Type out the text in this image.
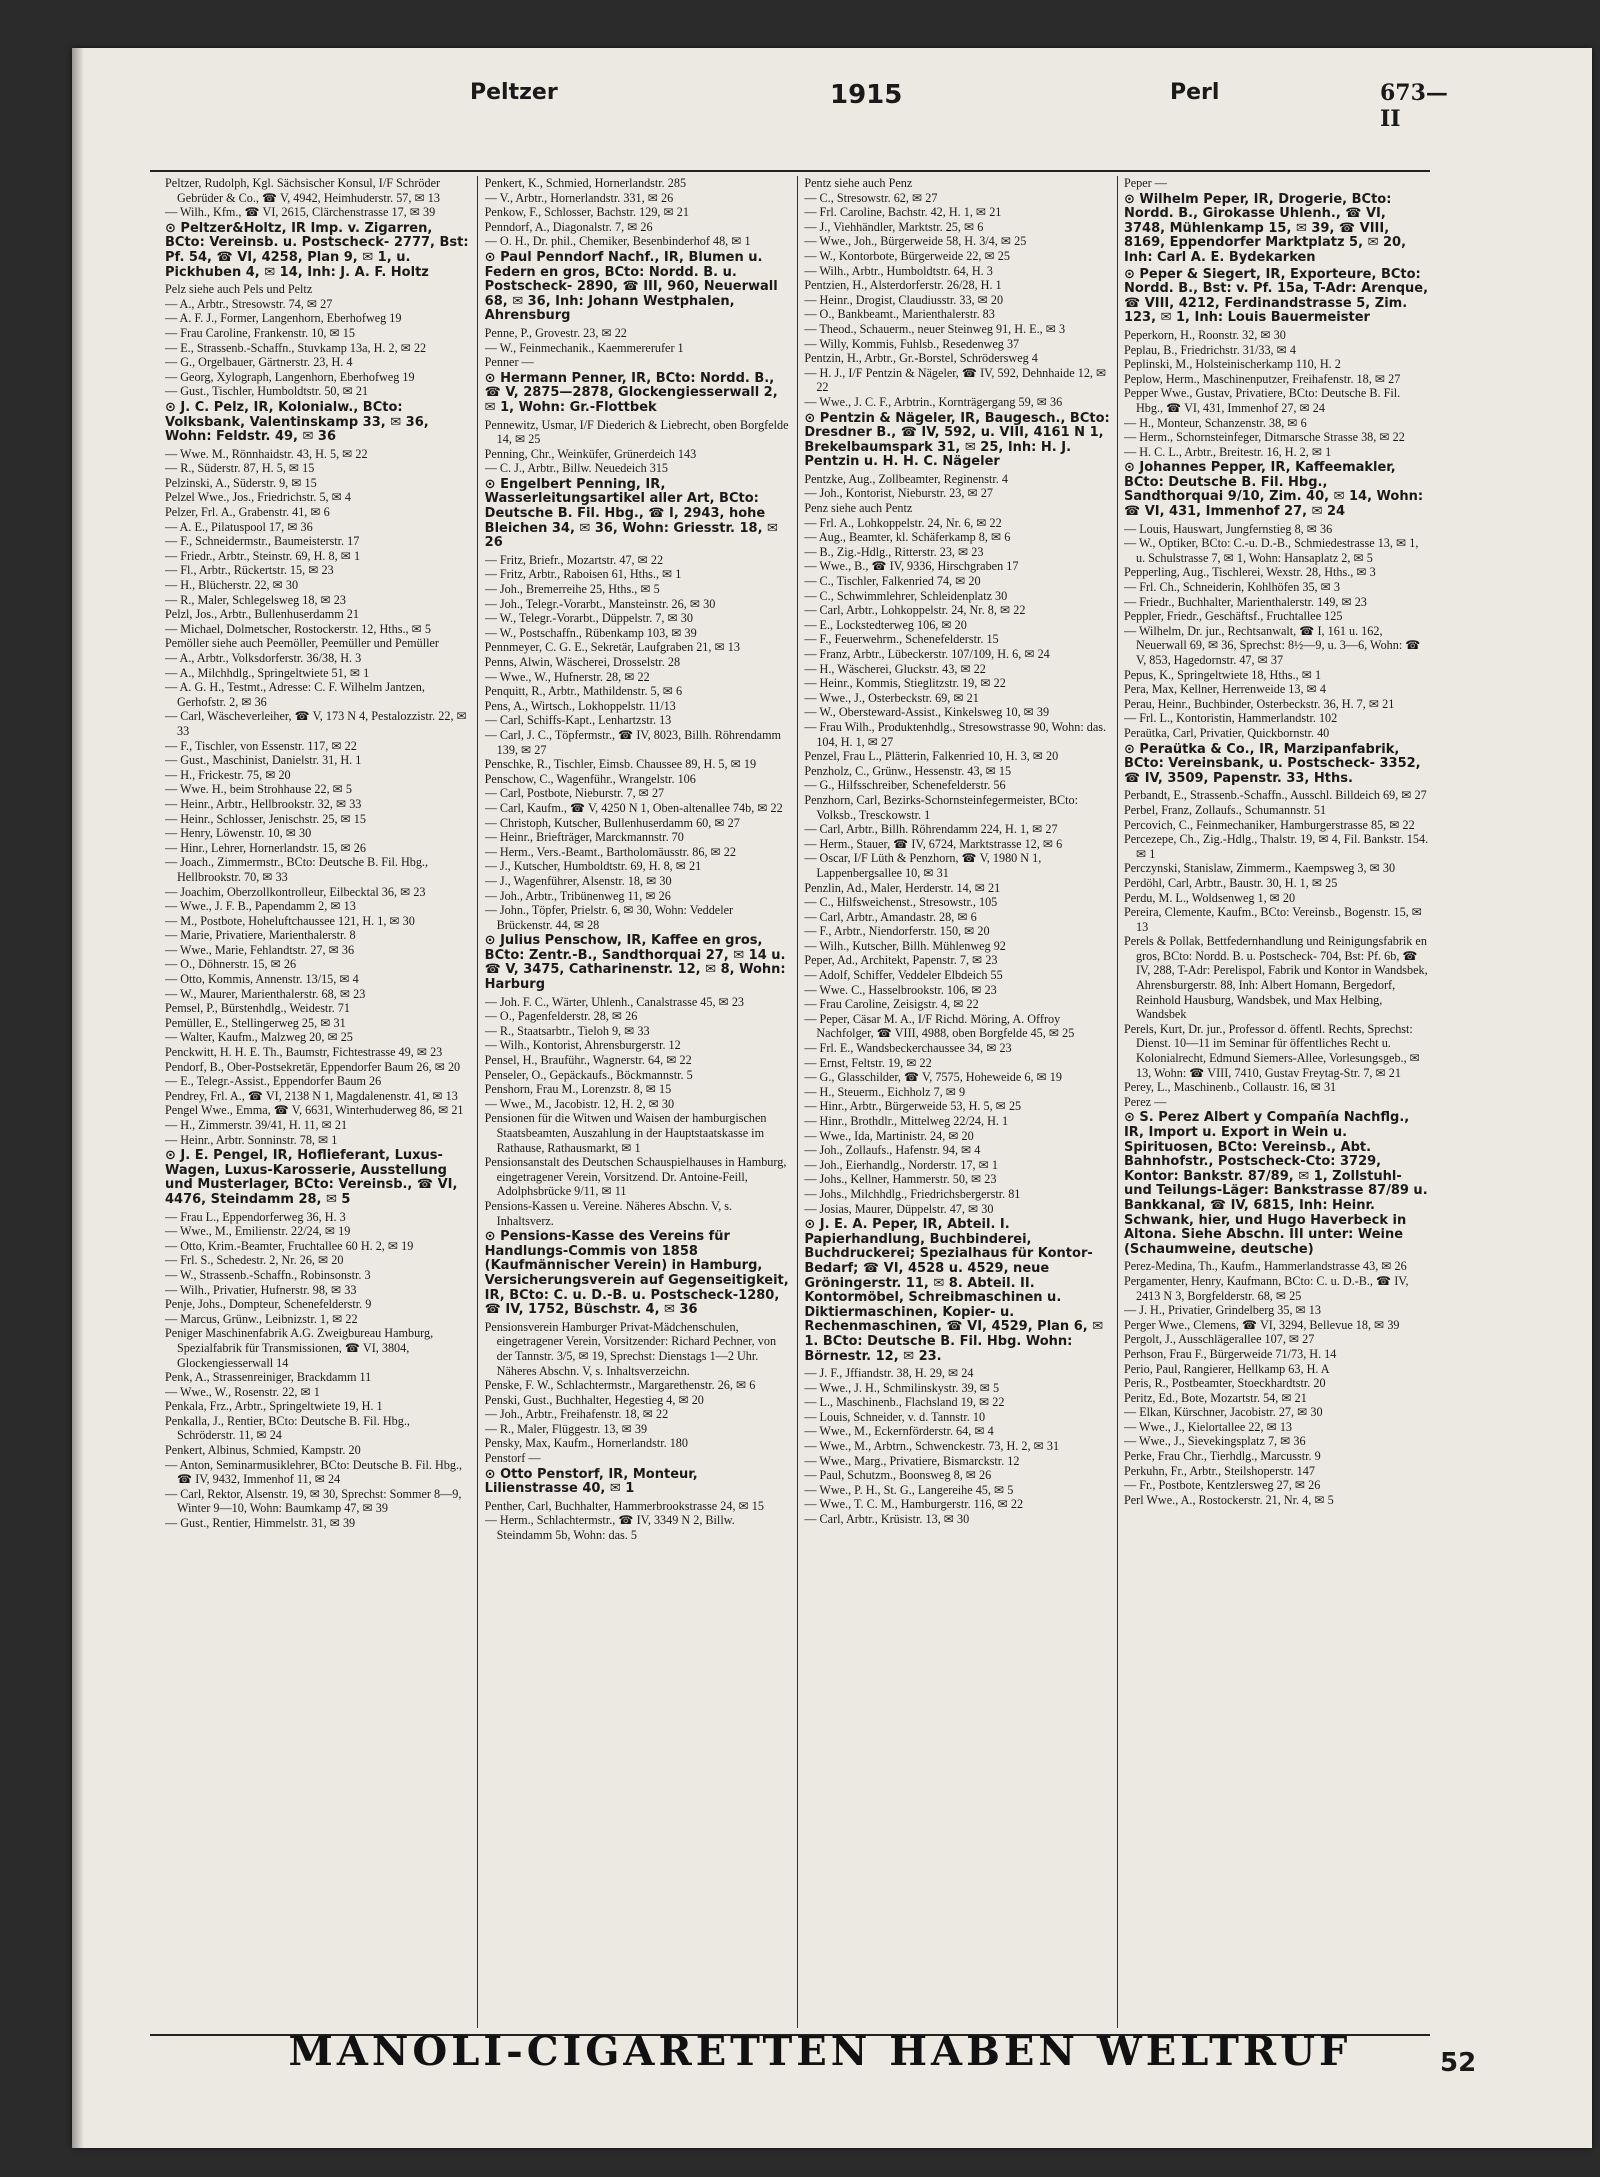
Peltzer	1915	Perl	673—II

Peltzer, Rudolph, Kgl. Sächsischer Konsul, I/F Schröder Gebrüder & Co., ☎ V, 4942, Heimhuderstr. 57, ✉ 13

— Wilh., Kfm., ☎ VI, 2615, Clärchenstrasse 17, ✉ 39

⊙ Peltzer&Holtz, IR Imp. v. Zigarren, BCto: Vereinsb. u. Postscheck- 2777, Bst: Pf. 54, ☎ VI, 4258, Plan 9, ✉ 1, u. Pickhuben 4, ✉ 14, Inh: J. A. F. Holtz

Pelz siehe auch Pels und Peltz

— A., Arbtr., Stresowstr. 74, ✉ 27

— A. F. J., Former, Langenhorn, Eberhofweg 19

— Frau Caroline, Frankenstr. 10, ✉ 15

— E., Strassenb.-Schaffn., Stuvkamp 13a, H. 2, ✉ 22

— G., Orgelbauer, Gärtnerstr. 23, H. 4

— Georg, Xylograph, Langenhorn, Eberhofweg 19

— Gust., Tischler, Humboldtstr. 50, ✉ 21

⊙ J. C. Pelz, IR, Kolonialw., BCto: Volksbank, Valentinskamp 33, ✉ 36, Wohn: Feldstr. 49, ✉ 36

— Wwe. M., Rönnhaidstr. 43, H. 5, ✉ 22

— R., Süderstr. 87, H. 5, ✉ 15

Pelzinski, A., Süderstr. 9, ✉ 15

Pelzel Wwe., Jos., Friedrichstr. 5, ✉ 4

Pelzer, Frl. A., Grabenstr. 41, ✉ 6

— A. E., Pilatuspool 17, ✉ 36

— F., Schneidermstr., Baumeisterstr. 17

— Friedr., Arbtr., Steinstr. 69, H. 8, ✉ 1

— Fl., Arbtr., Rückertstr. 15, ✉ 23

— H., Blücherstr. 22, ✉ 30

— R., Maler, Schlegelsweg 18, ✉ 23

Pelzl, Jos., Arbtr., Bullenhuserdamm 21

— Michael, Dolmetscher, Rostockerstr. 12, Hths., ✉ 5

Pemöller siehe auch Peemöller, Peemüller und Pemüller

— A., Arbtr., Volksdorferstr. 36/38, H. 3

— A., Milchhdlg., Springeltwiete 51, ✉ 1

— A. G. H., Testmt., Adresse: C. F. Wilhelm Jantzen, Gerhofstr. 2, ✉ 36

— Carl, Wäscheverleiher, ☎ V, 173 N 4, Pestalozzistr. 22, ✉ 33

— F., Tischler, von Essenstr. 117, ✉ 22

— Gust., Maschinist, Danielstr. 31, H. 1

— H., Frickestr. 75, ✉ 20

— Wwe. H., beim Strohhause 22, ✉ 5

— Heinr., Arbtr., Hellbrookstr. 32, ✉ 33

— Heinr., Schlosser, Jenischstr. 25, ✉ 15

— Henry, Löwenstr. 10, ✉ 30

— Hinr., Lehrer, Hornerlandstr. 15, ✉ 26

— Joach., Zimmermstr., BCto: Deutsche B. Fil. Hbg., Hellbrookstr. 70, ✉ 33

— Joachim, Oberzollkontrolleur, Eilbecktal 36, ✉ 23

— Wwe., J. F. B., Papendamm 2, ✉ 13

— M., Postbote, Hoheluftchaussee 121, H. 1, ✉ 30

— Marie, Privatiere, Marienthalerstr. 8

— Wwe., Marie, Fehlandtstr. 27, ✉ 36

— O., Döhnerstr. 15, ✉ 26

— Otto, Kommis, Annenstr. 13/15, ✉ 4

— W., Maurer, Marienthalerstr. 68, ✉ 23

Pemsel, P., Bürstenhdlg., Weidestr. 71

Pemüller, E., Stellingerweg 25, ✉ 31

— Walter, Kaufm., Malzweg 20, ✉ 25

Penckwitt, H. H. E. Th., Baumstr, Fichtestrasse 49, ✉ 23

Pendorf, B., Ober-Postsekretär, Eppendorfer Baum 26, ✉ 20

— E., Telegr.-Assist., Eppendorfer Baum 26

Pendrey, Frl. A., ☎ VI, 2138 N 1, Magdalenenstr. 41, ✉ 13

Pengel Wwe., Emma, ☎ V, 6631, Winterhuderweg 86, ✉ 21

— H., Zimmerstr. 39/41, H. 11, ✉ 21

— Heinr., Arbtr. Sonninstr. 78, ✉ 1

⊙ J. E. Pengel, IR, Hoflieferant, Luxus-Wagen, Luxus-Karosserie, Ausstellung und Musterlager, BCto: Vereinsb., ☎ VI, 4476, Steindamm 28, ✉ 5

— Frau L., Eppendorferweg 36, H. 3

— Wwe., M., Emilienstr. 22/24, ✉ 19

— Otto, Krim.-Beamter, Fruchtallee 60 H. 2, ✉ 19

— Frl. S., Schedestr. 2, Nr. 26, ✉ 20

— W., Strassenb.-Schaffn., Robinsonstr. 3

— Wilh., Privatier, Hufnerstr. 98, ✉ 33

Penje, Johs., Dompteur, Schenefelderstr. 9

— Marcus, Grünw., Leibnizstr. 1, ✉ 22

Peniger Maschinenfabrik A.G. Zweigbureau Hamburg, Spezialfabrik für Transmissionen, ☎ VI, 3804, Glockengiesserwall 14

Penk, A., Strassenreiniger, Brackdamm 11

— Wwe., W., Rosenstr. 22, ✉ 1

Penkala, Frz., Arbtr., Springeltwiete 19, H. 1

Penkalla, J., Rentier, BCto: Deutsche B. Fil. Hbg., Schröderstr. 11, ✉ 24

Penkert, Albinus, Schmied, Kampstr. 20

— Anton, Seminarmusiklehrer, BCto: Deutsche B. Fil. Hbg., ☎ IV, 9432, Immenhof 11, ✉ 24

— Carl, Rektor, Alsenstr. 19, ✉ 30, Sprechst: Sommer 8—9, Winter 9—10, Wohn: Baumkamp 47, ✉ 39

— Gust., Rentier, Himmelstr. 31, ✉ 39

Penkert, K., Schmied, Hornerlandstr. 285

— V., Arbtr., Hornerlandstr. 331, ✉ 26

Penkow, F., Schlosser, Bachstr. 129, ✉ 21

Penndorf, A., Diagonalstr. 7, ✉ 26

— O. H., Dr. phil., Chemiker, Besenbinderhof 48, ✉ 1

⊙ Paul Penndorf Nachf., IR, Blumen u. Federn en gros, BCto: Nordd. B. u. Postscheck- 2890, ☎ III, 960, Neuerwall 68, ✉ 36, Inh: Johann Westphalen, Ahrensburg

Penne, P., Grovestr. 23, ✉ 22

— W., Feinmechanik., Kaemmererufer 1

Penner —

⊙ Hermann Penner, IR, BCto: Nordd. B., ☎ V, 2875—2878, Glockengiesserwall 2, ✉ 1, Wohn: Gr.-Flottbek

Pennewitz, Usmar, I/F Diederich & Liebrecht, oben Borgfelde 14, ✉ 25

Penning, Chr., Weinküfer, Grünerdeich 143

— C. J., Arbtr., Billw. Neuedeich 315

⊙ Engelbert Penning, IR, Wasserleitungsartikel aller Art, BCto: Deutsche B. Fil. Hbg., ☎ I, 2943, hohe Bleichen 34, ✉ 36, Wohn: Griesstr. 18, ✉ 26

— Fritz, Briefr., Mozartstr. 47, ✉ 22

— Fritz, Arbtr., Raboisen 61, Hths., ✉ 1

— Joh., Bremerreihe 25, Hths., ✉ 5

— Joh., Telegr.-Vorarbt., Mansteinstr. 26, ✉ 30

— W., Telegr.-Vorarbt., Düppelstr. 7, ✉ 30

— W., Postschaffn., Rübenkamp 103, ✉ 39

Pennmeyer, C. G. E., Sekretär, Laufgraben 21, ✉ 13

Penns, Alwin, Wäscherei, Drosselstr. 28

— Wwe., W., Hufnerstr. 28, ✉ 22

Penquitt, R., Arbtr., Mathildenstr. 5, ✉ 6

Pens, A., Wirtsch., Lokhoppelstr. 11/13

— Carl, Schiffs-Kapt., Lenhartzstr. 13

— Carl, J. C., Töpfermstr., ☎ IV, 8023, Billh. Röhrendamm 139, ✉ 27

Penschke, R., Tischler, Eimsb. Chaussee 89, H. 5, ✉ 19

Penschow, C., Wagenführ., Wrangelstr. 106

— Carl, Postbote, Nieburstr. 7, ✉ 27

— Carl, Kaufm., ☎ V, 4250 N 1, Oben-altenallee 74b, ✉ 22

— Christoph, Kutscher, Bullenhuserdamm 60, ✉ 27

— Heinr., Briefträger, Marckmannstr. 70

— Herm., Vers.-Beamt., Bartholomäusstr. 86, ✉ 22

— J., Kutscher, Humboldtstr. 69, H. 8, ✉ 21

— J., Wagenführer, Alsenstr. 18, ✉ 30

— Joh., Arbtr., Tribünenweg 11, ✉ 26

— John., Töpfer, Prielstr. 6, ✉ 30, Wohn: Veddeler Brückenstr. 44, ✉ 28

⊙ Julius Penschow, IR, Kaffee en gros, BCto: Zentr.-B., Sandthorquai 27, ✉ 14 u. ☎ V, 3475, Catharinenstr. 12, ✉ 8, Wohn: Harburg

— Joh. F. C., Wärter, Uhlenh., Canalstrasse 45, ✉ 23

— O., Pagenfelderstr. 28, ✉ 26

— R., Staatsarbtr., Tieloh 9, ✉ 33

— Wilh., Kontorist, Ahrensburgerstr. 12

Pensel, H., Brauführ., Wagnerstr. 64, ✉ 22

Penseler, O., Gepäckaufs., Böckmannstr. 5

Penshorn, Frau M., Lorenzstr. 8, ✉ 15

— Wwe., M., Jacobistr. 12, H. 2, ✉ 30

Pensionen für die Witwen und Waisen der hamburgischen Staatsbeamten, Auszahlung in der Hauptstaatskasse im Rathause, Rathausmarkt, ✉ 1

Pensionsanstalt des Deutschen Schauspielhauses in Hamburg, eingetragener Verein, Vorsitzend. Dr. Antoine-Feill, Adolphsbrücke 9/11, ✉ 11

Pensions-Kassen u. Vereine. Näheres Abschn. V, s. Inhaltsverz.

⊙ Pensions-Kasse des Vereins für Handlungs-Commis von 1858 (Kaufmännischer Verein) in Hamburg, Versicherungsverein auf Gegenseitigkeit, IR, BCto: C. u. D.-B. u. Postscheck-1280, ☎ IV, 1752, Büschstr. 4, ✉ 36

Pensionsverein Hamburger Privat-Mädchenschulen, eingetragener Verein, Vorsitzender: Richard Pechner, von der Tannstr. 3/5, ✉ 19, Sprechst: Dienstags 1—2 Uhr. Näheres Abschn. V, s. Inhaltsverzeichn.

Penske, F. W., Schlachtermstr., Margarethenstr. 26, ✉ 6

Penski, Gust., Buchhalter, Hegestieg 4, ✉ 20

— Joh., Arbtr., Freihafenstr. 18, ✉ 22

— R., Maler, Flüggestr. 13, ✉ 39

Pensky, Max, Kaufm., Hornerlandstr. 180

Penstorf —

⊙ Otto Penstorf, IR, Monteur, Lilienstrasse 40, ✉ 1

Penther, Carl, Buchhalter, Hammerbrookstrasse 24, ✉ 15

— Herm., Schlachtermstr., ☎ IV, 3349 N 2, Billw. Steindamm 5b, Wohn: das. 5

Pentz siehe auch Penz

— C., Stresowstr. 62, ✉ 27

— Frl. Caroline, Bachstr. 42, H. 1, ✉ 21

— J., Viehhändler, Marktstr. 25, ✉ 6

— Wwe., Joh., Bürgerweide 58, H. 3/4, ✉ 25

— W., Kontorbote, Bürgerweide 22, ✉ 25

— Wilh., Arbtr., Humboldtstr. 64, H. 3

Pentzien, H., Alsterdorferstr. 26/28, H. 1

— Heinr., Drogist, Claudiusstr. 33, ✉ 20

— O., Bankbeamt., Marienthalerstr. 83

— Theod., Schauerm., neuer Steinweg 91, H. E., ✉ 3

— Willy, Kommis, Fuhlsb., Resedenweg 37

Pentzin, H., Arbtr., Gr.-Borstel, Schrödersweg 4

— H. J., I/F Pentzin & Nägeler, ☎ IV, 592, Dehnhaide 12, ✉ 22

— Wwe., J. C. F., Arbtrin., Kornträgergang 59, ✉ 36

⊙ Pentzin & Nägeler, IR, Baugesch., BCto: Dresdner B., ☎ IV, 592, u. VIII, 4161 N 1, Brekelbaumspark 31, ✉ 25, Inh: H. J. Pentzin u. H. H. C. Nägeler

Pentzke, Aug., Zollbeamter, Reginenstr. 4

— Joh., Kontorist, Nieburstr. 23, ✉ 27

Penz siehe auch Pentz

— Frl. A., Lohkoppelstr. 24, Nr. 6, ✉ 22

— Aug., Beamter, kl. Schäferkamp 8, ✉ 6

— B., Zig.-Hdlg., Ritterstr. 23, ✉ 23

— Wwe., B., ☎ IV, 9336, Hirschgraben 17

— C., Tischler, Falkenried 74, ✉ 20

— C., Schwimmlehrer, Schleidenplatz 30

— Carl, Arbtr., Lohkoppelstr. 24, Nr. 8, ✉ 22

— E., Lockstedterweg 106, ✉ 20

— F., Feuerwehrm., Schenefelderstr. 15

— Franz, Arbtr., Lübeckerstr. 107/109, H. 6, ✉ 24

— H., Wäscherei, Gluckstr. 43, ✉ 22

— Heinr., Kommis, Stieglitzstr. 19, ✉ 22

— Wwe., J., Osterbeckstr. 69, ✉ 21

— W., Obersteward-Assist., Kinkelsweg 10, ✉ 39

— Frau Wilh., Produktenhdlg., Stresowstrasse 90, Wohn: das. 104, H. 1, ✉ 27

Penzel, Frau L., Plätterin, Falkenried 10, H. 3, ✉ 20

Penzholz, C., Grünw., Hessenstr. 43, ✉ 15

— G., Hilfsschreiber, Schenefelderstr. 56

Penzhorn, Carl, Bezirks-Schornsteinfegermeister, BCto: Volksb., Tresckowstr. 1

— Carl, Arbtr., Billh. Röhrendamm 224, H. 1, ✉ 27

— Herm., Stauer, ☎ IV, 6724, Marktstrasse 12, ✉ 6

— Oscar, I/F Lüth & Penzhorn, ☎ V, 1980 N 1, Lappenbergsallee 10, ✉ 31

Penzlin, Ad., Maler, Herderstr. 14, ✉ 21

— C., Hilfsweichenst., Stresowstr., 105

— Carl, Arbtr., Amandastr. 28, ✉ 6

— F., Arbtr., Niendorferstr. 150, ✉ 20

— Wilh., Kutscher, Billh. Mühlenweg 92

Peper, Ad., Architekt, Papenstr. 7, ✉ 23

— Adolf, Schiffer, Veddeler Elbdeich 55

— Wwe. C., Hasselbrookstr. 106, ✉ 23

— Frau Caroline, Zeisigstr. 4, ✉ 22

— Peper, Cäsar M. A., I/F Richd. Möring, A. Offroy Nachfolger, ☎ VIII, 4988, oben Borgfelde 45, ✉ 25

— Frl. E., Wandsbeckerchaussee 34, ✉ 23

— Ernst, Feltstr. 19, ✉ 22

— G., Glasschilder, ☎ V, 7575, Hoheweide 6, ✉ 19

— H., Steuerm., Eichholz 7, ✉ 9

— Hinr., Arbtr., Bürgerweide 53, H. 5, ✉ 25

— Hinr., Brothdlr., Mittelweg 22/24, H. 1

— Wwe., Ida, Martinistr. 24, ✉ 20

— Joh., Zollaufs., Hafenstr. 94, ✉ 4

— Joh., Eierhandlg., Norderstr. 17, ✉ 1

— Johs., Kellner, Hammerstr. 50, ✉ 23

— Johs., Milchhdlg., Friedrichsbergerstr. 81

— Josias, Maurer, Düppelstr. 47, ✉ 30

⊙ J. E. A. Peper, IR, Abteil. I. Papierhandlung, Buchbinderei, Buchdruckerei; Spezialhaus für Kontor-Bedarf; ☎ VI, 4528 u. 4529, neue Gröningerstr. 11, ✉ 8. Abteil. II. Kontormöbel, Schreibmaschinen u. Diktiermaschinen, Kopier- u. Rechenmaschinen, ☎ VI, 4529, Plan 6, ✉ 1. BCto: Deutsche B. Fil. Hbg. Wohn: Börnestr. 12, ✉ 23.

— J. F., Jffiandstr. 38, H. 29, ✉ 24

— Wwe., J. H., Schmilinskystr. 39, ✉ 5

— L., Maschinenb., Flachsland 19, ✉ 22

— Louis, Schneider, v. d. Tannstr. 10

— Wwe., M., Eckernförderstr. 64, ✉ 4

— Wwe., M., Arbtrn., Schwenckestr. 73, H. 2, ✉ 31

— Wwe., Marg., Privatiere, Bismarckstr. 12

— Paul, Schutzm., Boonsweg 8, ✉ 26

— Wwe., P. H., St. G., Langereihe 45, ✉ 5

— Wwe., T. C. M., Hamburgerstr. 116, ✉ 22

— Carl, Arbtr., Krüsistr. 13, ✉ 30

Peper —

⊙ Wilhelm Peper, IR, Drogerie, BCto: Nordd. B., Girokasse Uhlenh., ☎ VI, 3748, Mühlenkamp 15, ✉ 39, ☎ VIII, 8169, Eppendorfer Marktplatz 5, ✉ 20, Inh: Carl A. E. Bydekarken

⊙ Peper & Siegert, IR, Exporteure, BCto: Nordd. B., Bst: v. Pf. 15a, T-Adr: Arenque, ☎ VIII, 4212, Ferdinandstrasse 5, Zim. 123, ✉ 1, Inh: Louis Bauermeister

Peperkorn, H., Roonstr. 32, ✉ 30

Peplau, B., Friedrichstr. 31/33, ✉ 4

Peplinski, M., Holsteinischerkamp 110, H. 2

Peplow, Herm., Maschinenputzer, Freihafenstr. 18, ✉ 27

Pepper Wwe., Gustav, Privatiere, BCto: Deutsche B. Fil. Hbg., ☎ VI, 431, Immenhof 27, ✉ 24

— H., Monteur, Schanzenstr. 38, ✉ 6

— Herm., Schornsteinfeger, Ditmarsche Strasse 38, ✉ 22

— H. C. L., Arbtr., Breitestr. 16, H. 2, ✉ 1

⊙ Johannes Pepper, IR, Kaffeemakler, BCto: Deutsche B. Fil. Hbg., Sandthorquai 9/10, Zim. 40, ✉ 14, Wohn: ☎ VI, 431, Immenhof 27, ✉ 24

— Louis, Hauswart, Jungfernstieg 8, ✉ 36

— W., Optiker, BCto: C.-u. D.-B., Schmiedestrasse 13, ✉ 1, u. Schulstrasse 7, ✉ 1, Wohn: Hansaplatz 2, ✉ 5

Pepperling, Aug., Tischlerei, Wexstr. 28, Hths., ✉ 3

— Frl. Ch., Schneiderin, Kohlhöfen 35, ✉ 3

— Friedr., Buchhalter, Marienthalerstr. 149, ✉ 23

Peppler, Friedr., Geschäftsf., Fruchtallee 125

— Wilhelm, Dr. jur., Rechtsanwalt, ☎ I, 161 u. 162, Neuerwall 69, ✉ 36, Sprechst: 8½—9, u. 3—6, Wohn: ☎ V, 853, Hagedornstr. 47, ✉ 37

Pepus, K., Springeltwiete 18, Hths., ✉ 1

Pera, Max, Kellner, Herrenweide 13, ✉ 4

Perau, Heinr., Buchbinder, Osterbeckstr. 36, H. 7, ✉ 21

— Frl. L., Kontoristin, Hammerlandstr. 102

Peraütka, Carl, Privatier, Quickbornstr. 40

⊙ Peraütka & Co., IR, Marzipanfabrik, BCto: Vereinsbank, u. Postscheck- 3352, ☎ IV, 3509, Papenstr. 33, Hths.

Perbandt, E., Strassenb.-Schaffn., Ausschl. Billdeich 69, ✉ 27

Perbel, Franz, Zollaufs., Schumannstr. 51

Percovich, C., Feinmechaniker, Hamburgerstrasse 85, ✉ 22

Percezepe, Ch., Zig.-Hdlg., Thalstr. 19, ✉ 4, Fil. Bankstr. 154. ✉ 1

Perczynski, Stanislaw, Zimmerm., Kaempsweg 3, ✉ 30

Perdöhl, Carl, Arbtr., Baustr. 30, H. 1, ✉ 25

Perdu, M. L., Woldsenweg 1, ✉ 20

Pereira, Clemente, Kaufm., BCto: Vereinsb., Bogenstr. 15, ✉ 13

Perels & Pollak, Bettfedernhandlung und Reinigungsfabrik en gros, BCto: Nordd. B. u. Postscheck- 704, Bst: Pf. 6b, ☎ IV, 288, T-Adr: Perelispol, Fabrik und Kontor in Wandsbek, Ahrensburgerstr. 88, Inh: Albert Homann, Bergedorf, Reinhold Hausburg, Wandsbek, und Max Helbing, Wandsbek

Perels, Kurt, Dr. jur., Professor d. öffentl. Rechts, Sprechst: Dienst. 10—11 im Seminar für öffentliches Recht u. Kolonialrecht, Edmund Siemers-Allee, Vorlesungsgeb., ✉ 13, Wohn: ☎ VIII, 7410, Gustav Freytag-Str. 7, ✉ 21

Perey, L., Maschinenb., Collaustr. 16, ✉ 31

Perez —

⊙ S. Perez Albert y Compañía Nachflg., IR, Import u. Export in Wein u. Spirituosen, BCto: Vereinsb., Abt. Bahnhofstr., Postscheck-Cto: 3729, Kontor: Bankstr. 87/89, ✉ 1, Zollstuhl- und Teilungs-Läger: Bankstrasse 87/89 u. Bankkanal, ☎ IV, 6815, Inh: Heinr. Schwank, hier, und Hugo Haverbeck in Altona. Siehe Abschn. III unter: Weine (Schaumweine, deutsche)

Perez-Medina, Th., Kaufm., Hammerlandstrasse 43, ✉ 26

Pergamenter, Henry, Kaufmann, BCto: C. u. D.-B., ☎ IV, 2413 N 3, Borgfelderstr. 68, ✉ 25

— J. H., Privatier, Grindelberg 35, ✉ 13

Perger Wwe., Clemens, ☎ VI, 3294, Bellevue 18, ✉ 39

Pergolt, J., Ausschlägerallee 107, ✉ 27

Perhson, Frau F., Bürgerweide 71/73, H. 14

Perio, Paul, Rangierer, Hellkamp 63, H. A

Peris, R., Postbeamter, Stoeckhardtstr. 20

Peritz, Ed., Bote, Mozartstr. 54, ✉ 21

— Elkan, Kürschner, Jacobistr. 27, ✉ 30

— Wwe., J., Kielortallee 22, ✉ 13

— Wwe., J., Sievekingsplatz 7, ✉ 36

Perke, Frau Chr., Tierhdlg., Marcusstr. 9

Perkuhn, Fr., Arbtr., Steilshoperstr. 147

— Fr., Postbote, Kentzlersweg 27, ✉ 26

Perl Wwe., A., Rostockerstr. 21, Nr. 4, ✉ 5

MANOLI-CIGARETTEN HABEN WELTRUF	52
